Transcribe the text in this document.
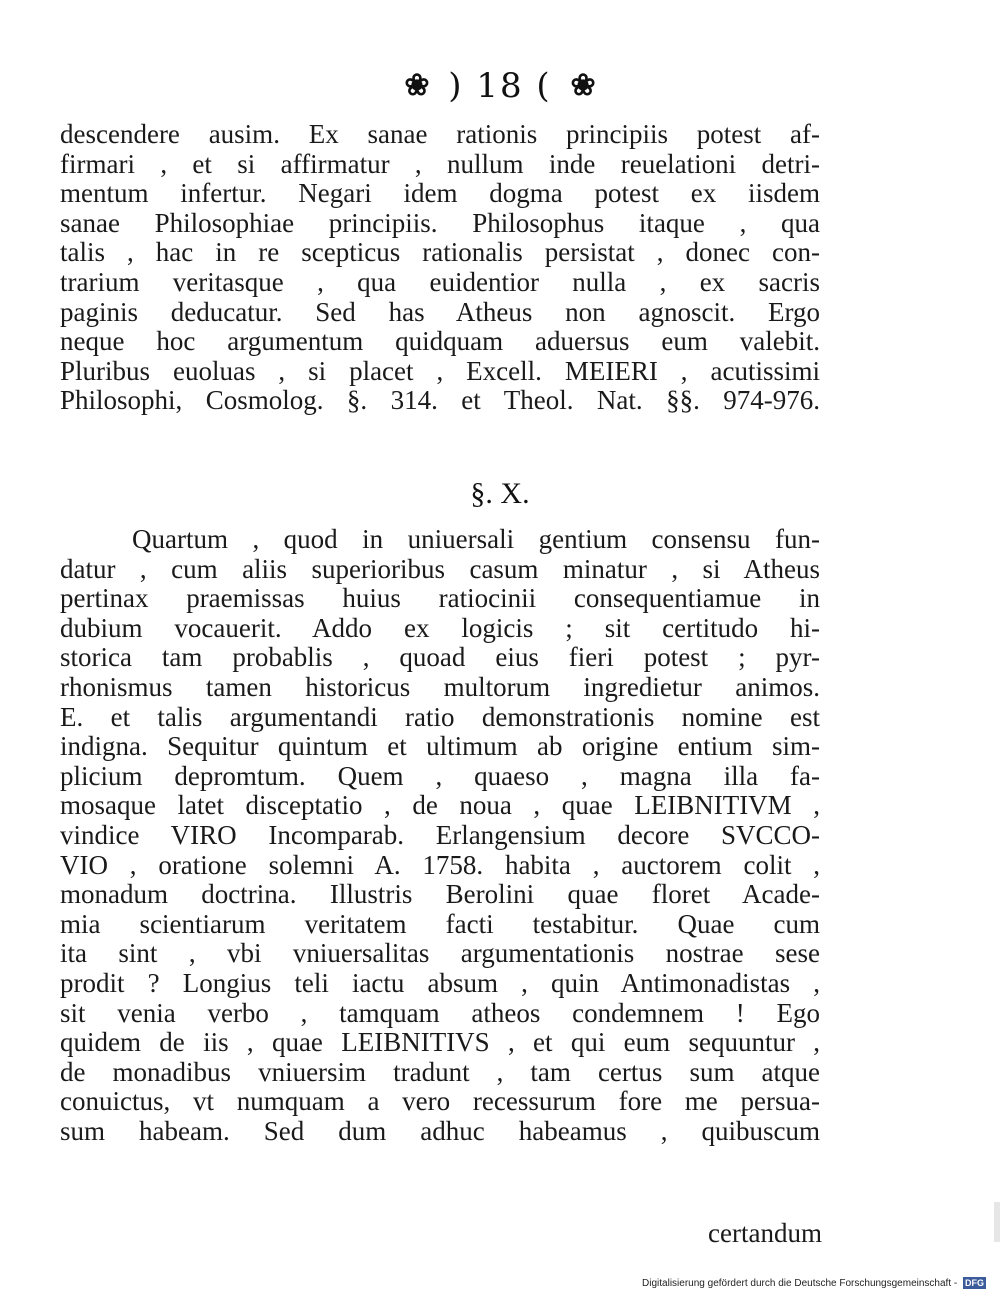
❀ ) 18 ( ❀
descendere ausim. Ex sanae rationis principiis potest af-
firmari , et si affirmatur , nullum inde reuelationi detri-
mentum infertur. Negari idem dogma potest ex iisdem
sanae Philosophiae principiis. Philosophus itaque , qua
talis , hac in re scepticus rationalis persistat , donec con-
trarium veritasque , qua euidentior nulla , ex sacris
paginis deducatur. Sed has Atheus non agnoscit. Ergo
neque hoc argumentum quidquam aduersus eum valebit.
Pluribus euoluas , si placet , Excell. MEIERI , acutissimi
Philosophi, Cosmolog. §. 314. et Theol. Nat. §§. 974-976.
§. X.
Quartum , quod in uniuersali gentium consensu fun-
datur , cum aliis superioribus casum minatur , si Atheus
pertinax praemissas huius ratiocinii consequentiamue in
dubium vocauerit. Addo ex logicis ; sit certitudo hi-
storica tam probablis , quoad eius fieri potest ; pyr-
rhonismus tamen historicus multorum ingredietur animos.
E. et talis argumentandi ratio demonstrationis nomine est
indigna. Sequitur quintum et ultimum ab origine entium sim-
plicium depromtum. Quem , quaeso , magna illa fa-
mosaque latet disceptatio , de noua , quae LEIBNITIVM ,
vindice VIRO Incomparab. Erlangensium decore SVCCO-
VIO , oratione solemni A. 1758. habita , auctorem colit ,
monadum doctrina. Illustris Berolini quae floret Acade-
mia scientiarum veritatem facti testabitur. Quae cum
ita sint , vbi vniuersalitas argumentationis nostrae sese
prodit ? Longius teli iactu absum , quin Antimonadistas ,
sit venia verbo , tamquam atheos condemnem ! Ego
quidem de iis , quae LEIBNITIVS , et qui eum sequuntur ,
de monadibus vniuersim tradunt , tam certus sum atque
conuictus, vt numquam a vero recessurum fore me persua-
sum habeam. Sed dum adhuc habeamus , quibuscum
certandum
Digitalisierung gefördert durch die Deutsche Forschungsgemeinschaft - DFG
